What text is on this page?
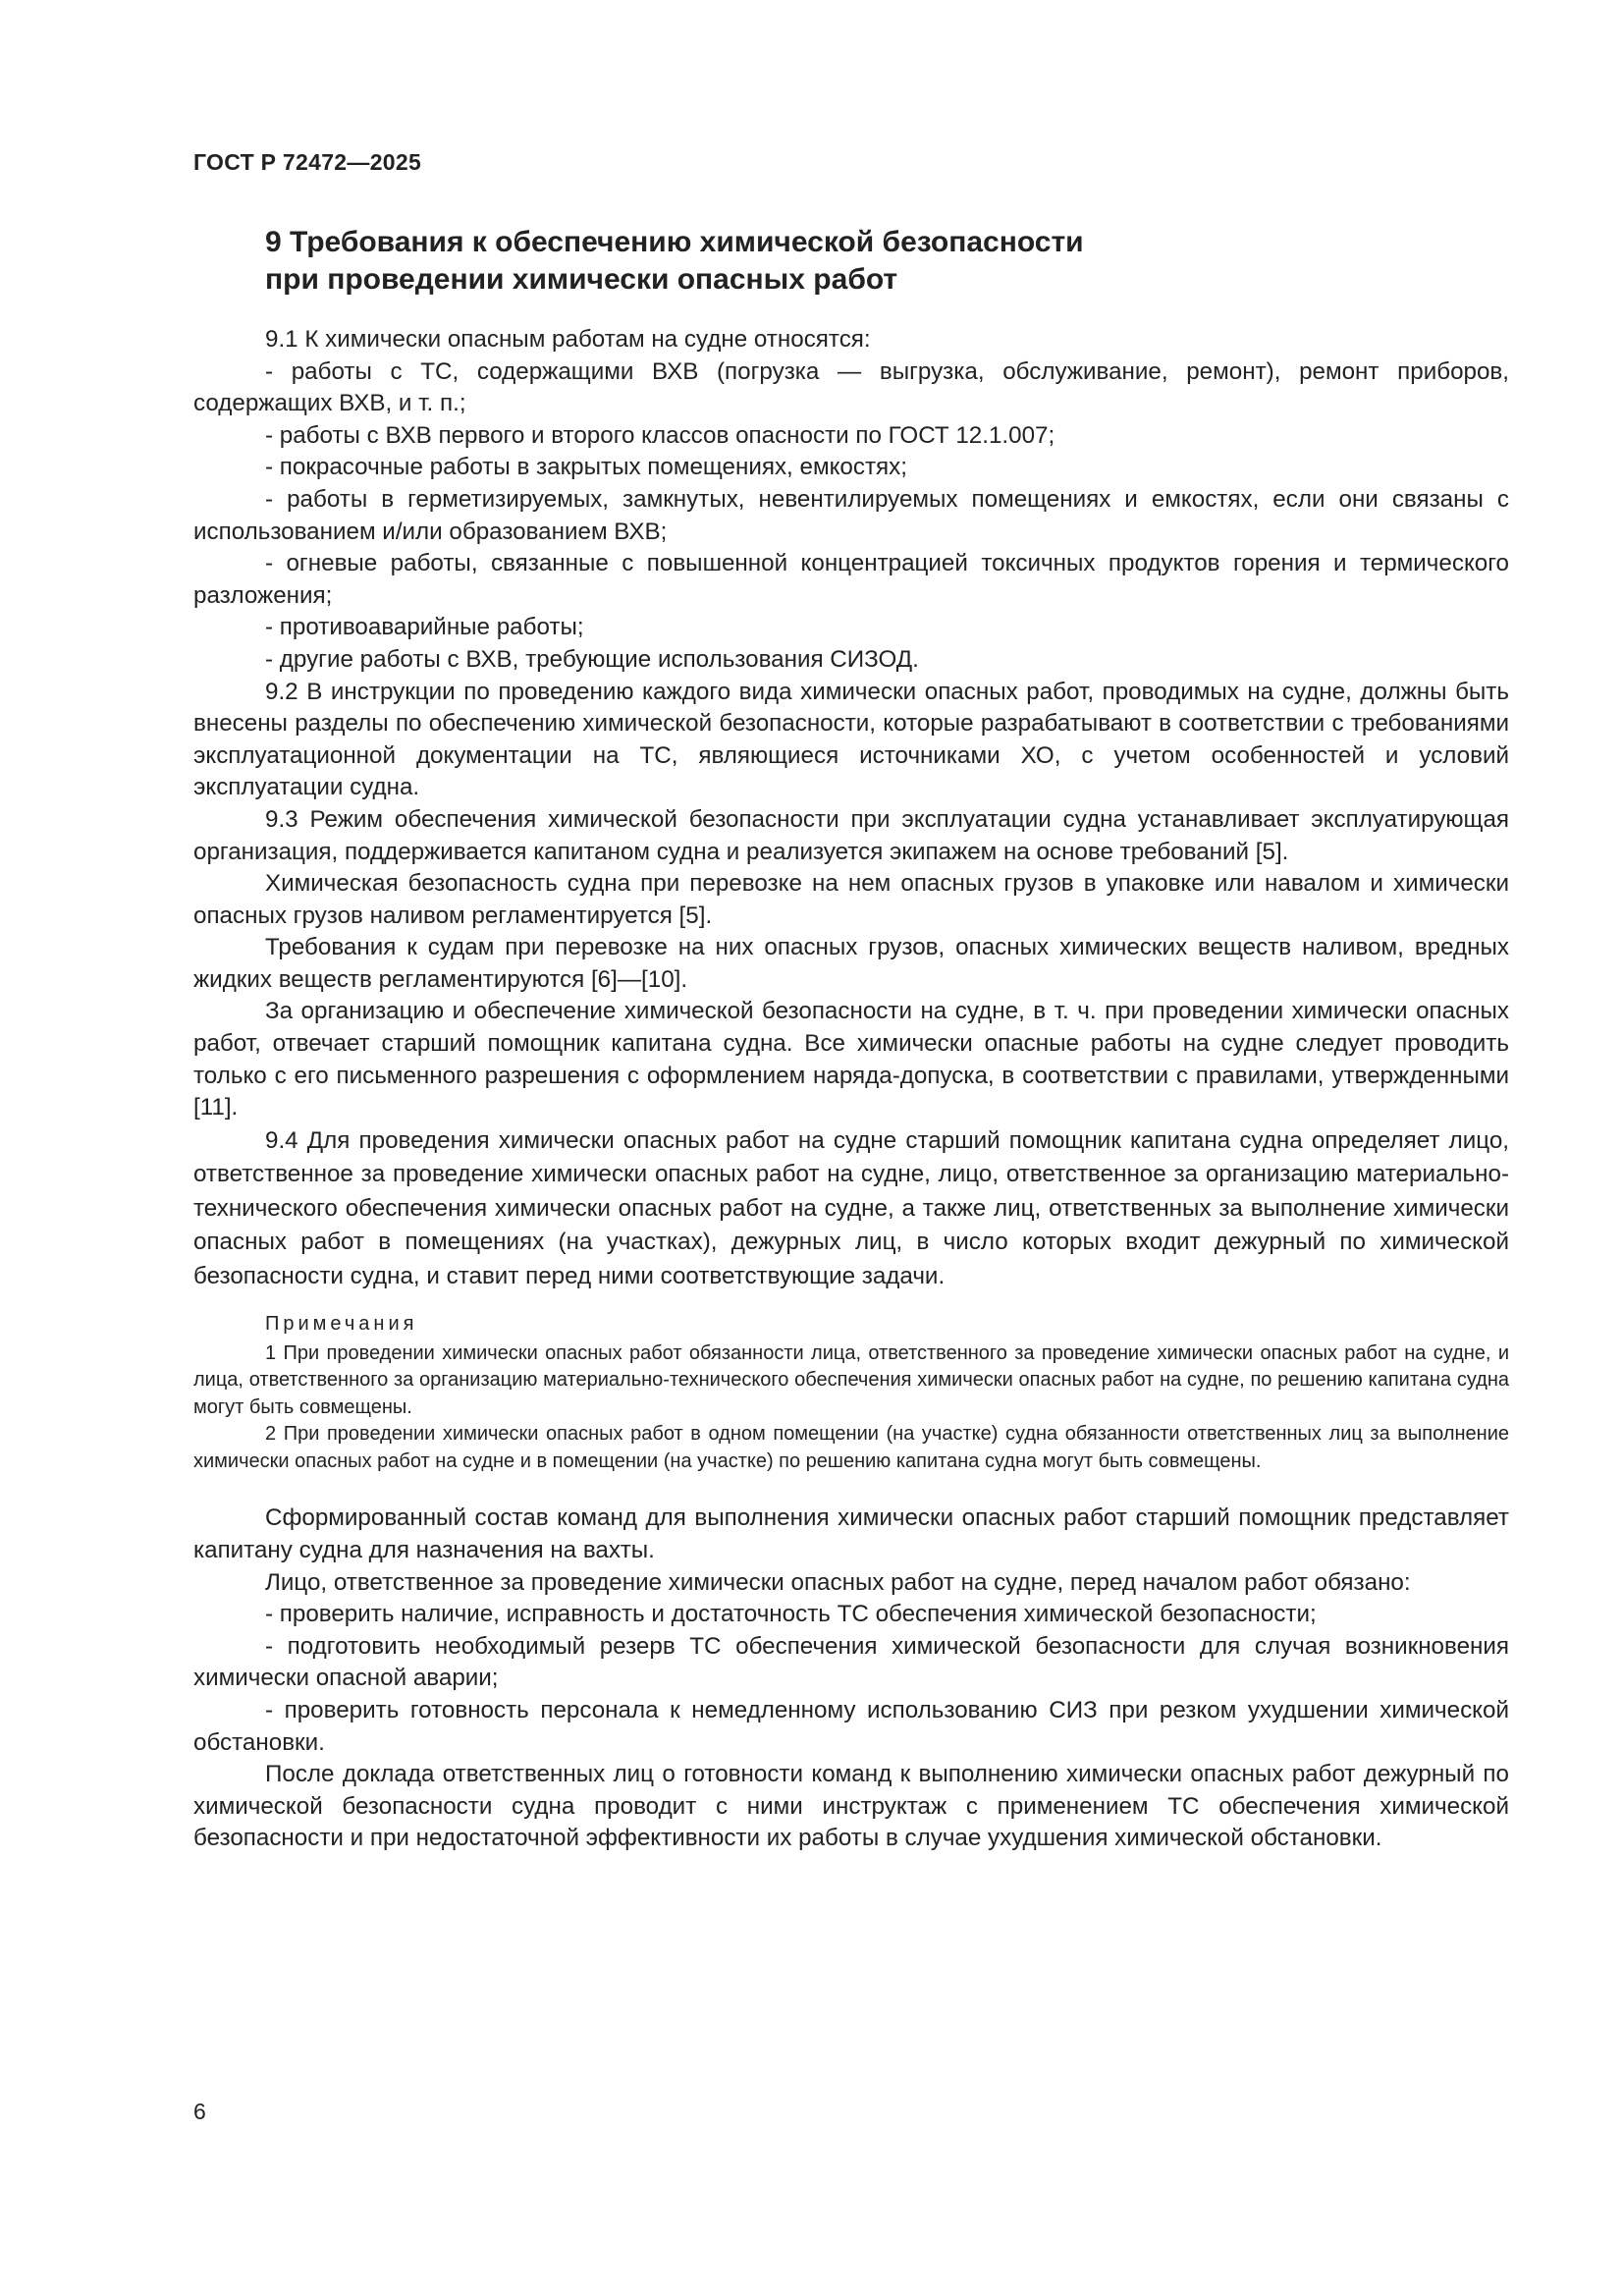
ГОСТ Р 72472—2025
9 Требования к обеспечению химической безопасности
при проведении химически опасных работ

9.1 К химически опасным работам на судне относятся:

- работы с ТС, содержащими ВХВ (погрузка — выгрузка, обслуживание, ремонт), ремонт приборов, содержащих ВХВ, и т. п.;

- работы с ВХВ первого и второго классов опасности по ГОСТ 12.1.007;

- покрасочные работы в закрытых помещениях, емкостях;

- работы в герметизируемых, замкнутых, невентилируемых помещениях и емкостях, если они связаны с использованием и/или образованием ВХВ;

- огневые работы, связанные с повышенной концентрацией токсичных продуктов горения и термического разложения;

- противоаварийные работы;

- другие работы с ВХВ, требующие использования СИЗОД.

9.2 В инструкции по проведению каждого вида химически опасных работ, проводимых на судне, должны быть внесены разделы по обеспечению химической безопасности, которые разрабатывают в соответствии с требованиями эксплуатационной документации на ТС, являющиеся источниками ХО, с учетом особенностей и условий эксплуатации судна.

9.3 Режим обеспечения химической безопасности при эксплуатации судна устанавливает эксплуатирующая организация, поддерживается капитаном судна и реализуется экипажем на основе требований [5].

Химическая безопасность судна при перевозке на нем опасных грузов в упаковке или навалом и химически опасных грузов наливом регламентируется [5].

Требования к судам при перевозке на них опасных грузов, опасных химических веществ наливом, вредных жидких веществ регламентируются [6]—[10].

За организацию и обеспечение химической безопасности на судне, в т. ч. при проведении химически опасных работ, отвечает старший помощник капитана судна. Все химически опасные работы на судне следует проводить только с его письменного разрешения с оформлением наряда-допуска, в соответствии с правилами, утвержденными [11].

9.4 Для проведения химически опасных работ на судне старший помощник капитана судна определяет лицо, ответственное за проведение химически опасных работ на судне, лицо, ответственное за организацию материально-технического обеспечения химически опасных работ на судне, а также лиц, ответственных за выполнение химически опасных работ в помещениях (на участках), дежурных лиц, в число которых входит дежурный по химической безопасности судна, и ставит перед ними соответствующие задачи.

Примечания

1 При проведении химически опасных работ обязанности лица, ответственного за проведение химически опасных работ на судне, и лица, ответственного за организацию материально-технического обеспечения химически опасных работ на судне, по решению капитана судна могут быть совмещены.

2 При проведении химически опасных работ в одном помещении (на участке) судна обязанности ответственных лиц за выполнение химически опасных работ на судне и в помещении (на участке) по решению капитана судна могут быть совмещены.

Сформированный состав команд для выполнения химически опасных работ старший помощник представляет капитану судна для назначения на вахты.

Лицо, ответственное за проведение химически опасных работ на судне, перед началом работ обязано:

- проверить наличие, исправность и достаточность ТС обеспечения химической безопасности;

- подготовить необходимый резерв ТС обеспечения химической безопасности для случая возникновения химически опасной аварии;

- проверить готовность персонала к немедленному использованию СИЗ при резком ухудшении химической обстановки.

После доклада ответственных лиц о готовности команд к выполнению химически опасных работ дежурный по химической безопасности судна проводит с ними инструктаж с применением ТС обеспечения химической безопасности и при недостаточной эффективности их работы в случае ухудшения химической обстановки.

6
